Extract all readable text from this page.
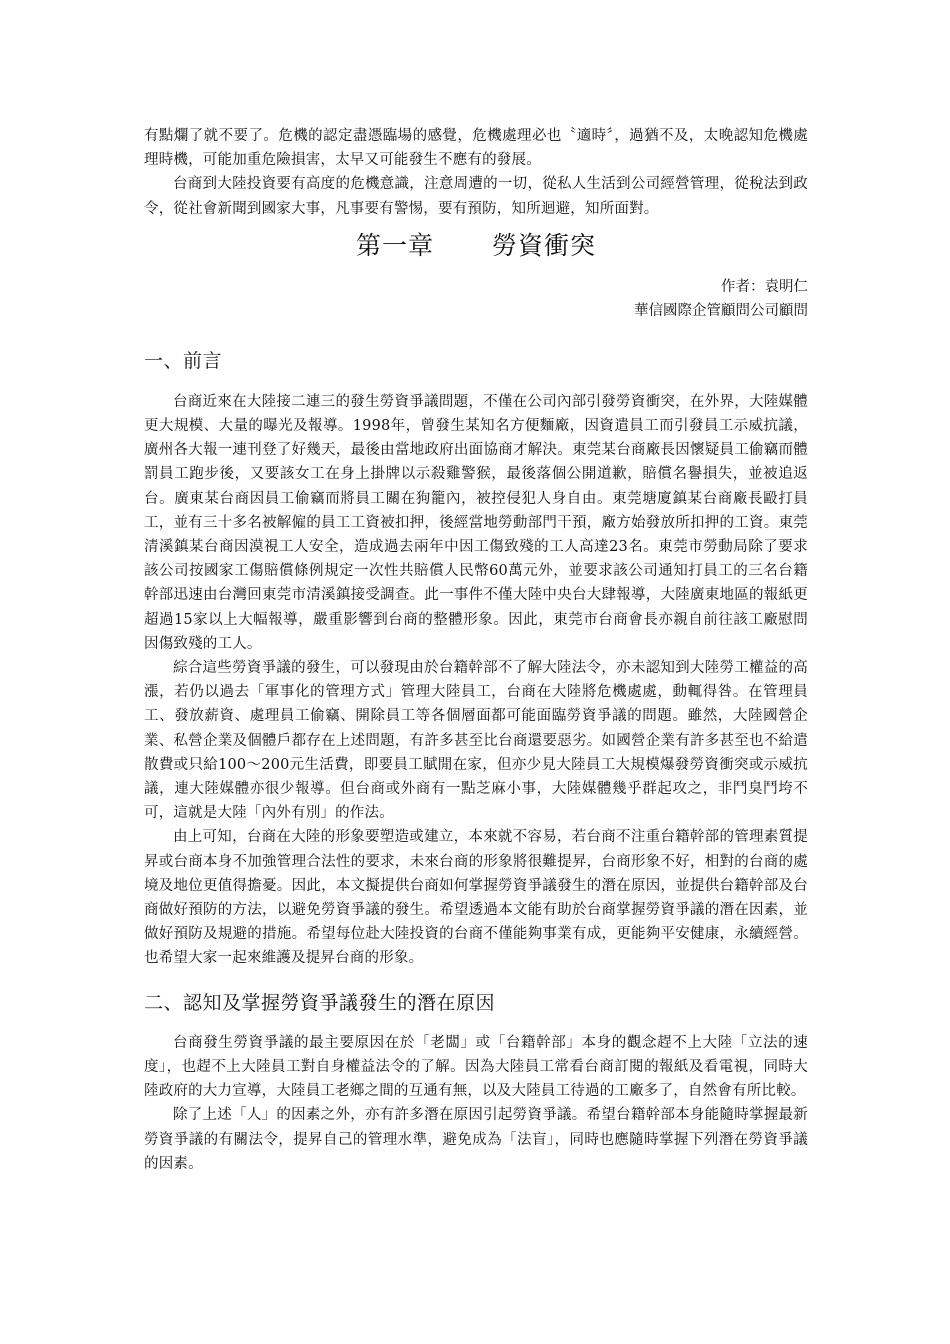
有點爛了就不要了。危機的認定盡憑臨場的感覺，危機處理必也〝適時〞，過猶不及，太晚認知危機處理時機，可能加重危險損害，太早又可能發生不應有的發展。

台商到大陸投資要有高度的危機意識，注意周遭的一切，從私人生活到公司經營管理，從稅法到政令，從社會新聞到國家大事，凡事要有警惕，要有預防，知所迴避，知所面對。

第一章 勞資衝突
作者：袁明仁
華信國際企管顧問公司顧問
一、前言

台商近來在大陸接二連三的發生勞資爭議問題，不僅在公司內部引發勞資衝突，在外界，大陸媒體更大規模、大量的曝光及報導。1998年，曾發生某知名方便麵廠，因資遣員工而引發員工示威抗議，廣州各大報一連刊登了好幾天，最後由當地政府出面協商才解決。東莞某台商廠長因懷疑員工偷竊而體罰員工跑步後，又要該女工在身上掛牌以示殺雞警猴，最後落個公開道歉，賠償名譽損失，並被追返台。廣東某台商因員工偷竊而將員工關在狗籠內，被控侵犯人身自由。東莞塘廈鎮某台商廠長毆打員工，並有三十多名被解僱的員工工資被扣押，後經當地勞動部門干預，廠方始發放所扣押的工資。東莞清溪鎮某台商因漠視工人安全，造成過去兩年中因工傷致殘的工人高達23名。東莞市勞動局除了要求該公司按國家工傷賠償條例規定一次性共賠償人民幣60萬元外，並要求該公司通知打員工的三名台籍幹部迅速由台灣回東莞市清溪鎮接受調查。此一事件不僅大陸中央台大肆報導，大陸廣東地區的報紙更超過15家以上大幅報導，嚴重影響到台商的整體形象。因此，東莞市台商會長亦親自前往該工廠慰問因傷致殘的工人。

綜合這些勞資爭議的發生，可以發現由於台籍幹部不了解大陸法令，亦未認知到大陸勞工權益的高漲，若仍以過去「軍事化的管理方式」管理大陸員工，台商在大陸將危機處處，動輒得咎。在管理員工、發放薪資、處理員工偷竊、開除員工等各個層面都可能面臨勞資爭議的問題。雖然，大陸國營企業、私營企業及個體戶都存在上述問題，有許多甚至比台商還要惡劣。如國營企業有許多甚至也不給遣散費或只給100～200元生活費，即要員工賦閒在家，但亦少見大陸員工大規模爆發勞資衝突或示威抗議，連大陸媒體亦很少報導。但台商或外商有一點芝麻小事，大陸媒體幾乎群起攻之，非鬥臭鬥垮不可，這就是大陸「內外有別」的作法。

由上可知，台商在大陸的形象要塑造或建立，本來就不容易，若台商不注重台籍幹部的管理素質提昇或台商本身不加強管理合法性的要求，未來台商的形象將很難提昇，台商形象不好，相對的台商的處境及地位更值得擔憂。因此，本文擬提供台商如何掌握勞資爭議發生的潛在原因，並提供台籍幹部及台商做好預防的方法，以避免勞資爭議的發生。希望透過本文能有助於台商掌握勞資爭議的潛在因素，並做好預防及規避的措施。希望每位赴大陸投資的台商不僅能夠事業有成，更能夠平安健康，永續經營。也希望大家一起來維護及提昇台商的形象。

二、認知及掌握勞資爭議發生的潛在原因

台商發生勞資爭議的最主要原因在於「老闆」或「台籍幹部」本身的觀念趕不上大陸「立法的速度」，也趕不上大陸員工對自身權益法令的了解。因為大陸員工常看台商訂閱的報紙及看電視，同時大陸政府的大力宣導，大陸員工老鄉之間的互通有無，以及大陸員工待過的工廠多了，自然會有所比較。

除了上述「人」的因素之外，亦有許多潛在原因引起勞資爭議。希望台籍幹部本身能隨時掌握最新勞資爭議的有關法令，提昇自己的管理水準，避免成為「法盲」，同時也應隨時掌握下列潛在勞資爭議的因素。
